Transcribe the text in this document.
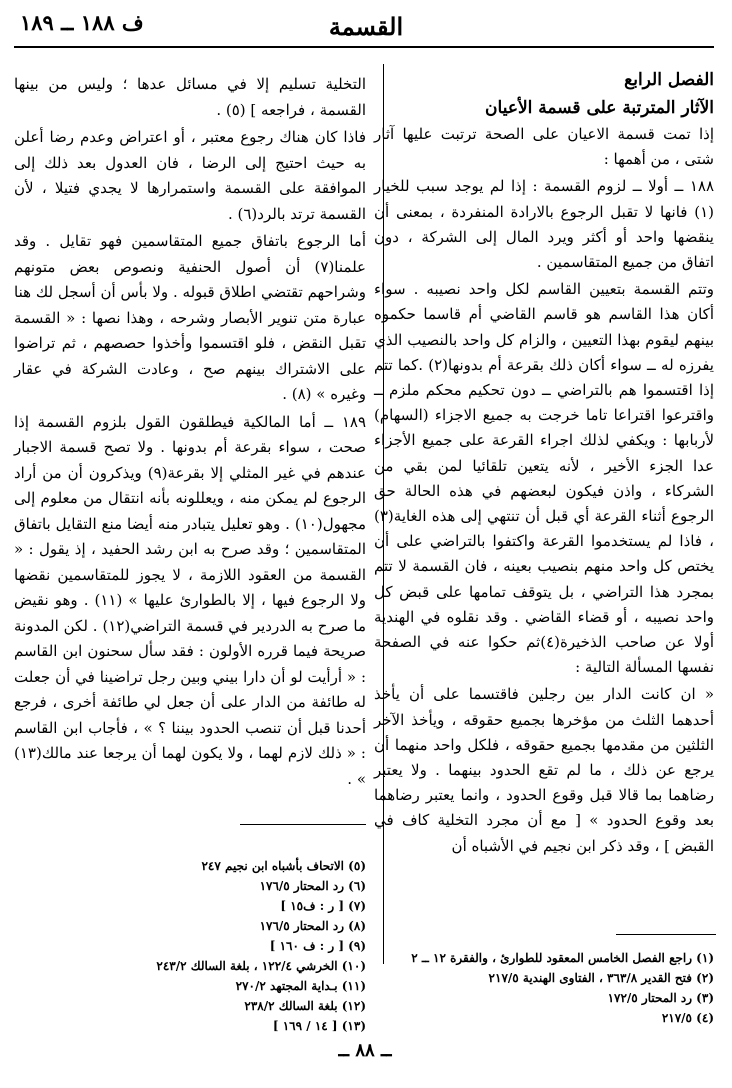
ف ١٨٨ ــ ١٨٩	القسمة
الفصل الرابع
الآثار المترتبة على قسمة الأعيان

إذا تمت قسمة الاعيان على الصحة ترتبت عليها آثار شتى ، من أهمها :

١٨٨ ــ أولا ــ لزوم القسمة : إذا لم يوجد سبب للخيار (١) فانها لا تقبل الرجوع بالارادة المنفردة ، بمعنى أن ينقضها واحد أو أكثر ويرد المال إلى الشركة ، دون اتفاق من جميع المتقاسمين .

وتتم القسمة بتعيين القاسم لكل واحد نصيبه . سواء أكان هذا القاسم هو قاسم القاضي أم قاسما حكموه بينهم ليقوم بهذا التعيين ، والزام كل واحد بالنصيب الذي يفرزه له ــ سواء أكان ذلك بقرعة أم بدونها(٢) .كما تتم إذا اقتسموا هم بالتراضي ــ دون تحكيم محكم ملزم ــ واقترعوا اقتراعا تاما خرجت به جميع الاجزاء (السهام) لأربابها : ويكفي لذلك اجراء القرعة على جميع الأجزاء عدا الجزء الأخير ، لأنه يتعين تلقائيا لمن بقي من الشركاء ، واذن فيكون لبعضهم في هذه الحالة حق الرجوع أثناء القرعة أي قبل أن تنتهي إلى هذه الغاية(٣) ، فاذا لم يستخدموا القرعة واكتفوا بالتراضي على أن يختص كل واحد منهم بنصيب بعينه ، فان القسمة لا تتم بمجرد هذا التراضي ، بل يتوقف تمامها على قبض كل واحد نصيبه ، أو قضاء القاضي . وقد نقلوه في الهندية أولا عن صاحب الذخيرة(٤)ثم حكوا عنه في الصفحة نفسها المسألة التالية :

« ان كانت الدار بين رجلين فاقتسما على أن يأخذ أحدهما الثلث من مؤخرها بجميع حقوقه ، ويأخذ الآخر الثلثين من مقدمها بجميع حقوقه ، فلكل واحد منهما أن يرجع عن ذلك ، ما لم تقع الحدود بينهما . ولا يعتبر رضاهما بما قالا قبل وقوع الحدود ، وانما يعتبر رضاهما بعد وقوع الحدود » [ مع أن مجرد التخلية كاف في القبض ] ، وقد ذكر ابن نجيم في الأشباه أن

التخلية تسليم إلا في مسائل عدها ؛ وليس من بينها القسمة ، فراجعه ] (٥) .

فاذا كان هناك رجوع معتبر ، أو اعتراض وعدم رضا أعلن به حيث احتيج إلى الرضا ، فان العدول بعد ذلك إلى الموافقة على القسمة واستمرارها لا يجدي فتيلا ، لأن القسمة ترتد بالرد(٦) .

أما الرجوع باتفاق جميع المتقاسمين فهو تقايل . وقد علمنا(٧) أن أصول الحنفية ونصوص بعض متونهم وشراحهم تقتضي اطلاق قبوله . ولا بأس أن أسجل لك هنا عبارة متن تنوير الأبصار وشرحه ، وهذا نصها : « القسمة تقبل النقض ، فلو اقتسموا وأخذوا حصصهم ، ثم تراضوا على الاشتراك بينهم صح ، وعادت الشركة في عقار وغيره » (٨) .

١٨٩ ــ أما المالكية فيطلقون القول بلزوم القسمة إذا صحت ، سواء بقرعة أم بدونها . ولا تصح قسمة الاجبار عندهم في غير المثلي إلا بقرعة(٩) ويذكرون أن من أراد الرجوع لم يمكن منه ، ويعللونه بأنه انتقال من معلوم إلى مجهول(١٠) . وهو تعليل يتبادر منه أيضا منع التقايل باتفاق المتقاسمين ؛ وقد صرح به ابن رشد الحفيد ، إذ يقول : « القسمة من العقود اللازمة ، لا يجوز للمتقاسمين نقضها ولا الرجوع فيها ، إلا بالطوارئ عليها » (١١) . وهو نقيض ما صرح به الدردير في قسمة التراضي(١٢) . لكن المدونة صريحة فيما قرره الأولون : فقد سأل سحنون ابن القاسم : « أرأيت لو أن دارا بيني وبين رجل تراضينا في أن جعلت له طائفة من الدار على أن جعل لي طائفة أخرى ، فرجع أحدنا قبل أن تنصب الحدود بيننا ؟ » ، فأجاب ابن القاسم : « ذلك لازم لهما ، ولا يكون لهما أن يرجعا عند مالك(١٣) » .

(٥) الاتحاف بأشباه ابن نجيم ٢٤٧
(٦) رد المحتار ١٧٦/٥
(٧) [ ر : ف١٥ ]
(٨) رد المحتار ١٧٦/٥
(٩) [ ر : ف ١٦٠ ]
(١٠) الخرشي ١٢٢/٤ ، بلغة السالك ٢٤٣/٢
(١١) بـداية المجتهد ٢٧٠/٢
(١٢) بلغة السالك ٢٣٨/٢
(١٣) [ ١٤ / ١٦٩ ]
(١) راجع الفصل الخامس المعقود للطوارئ ، والفقرة ١٢ ــ ٢
(٢) فتح القدير ٣٦٣/٨ ، الفتاوى الهندية ٢١٧/٥
(٣) رد المحتار ١٧٢/٥
(٤) ٢١٧/٥
ــ ٨٨ ــ
